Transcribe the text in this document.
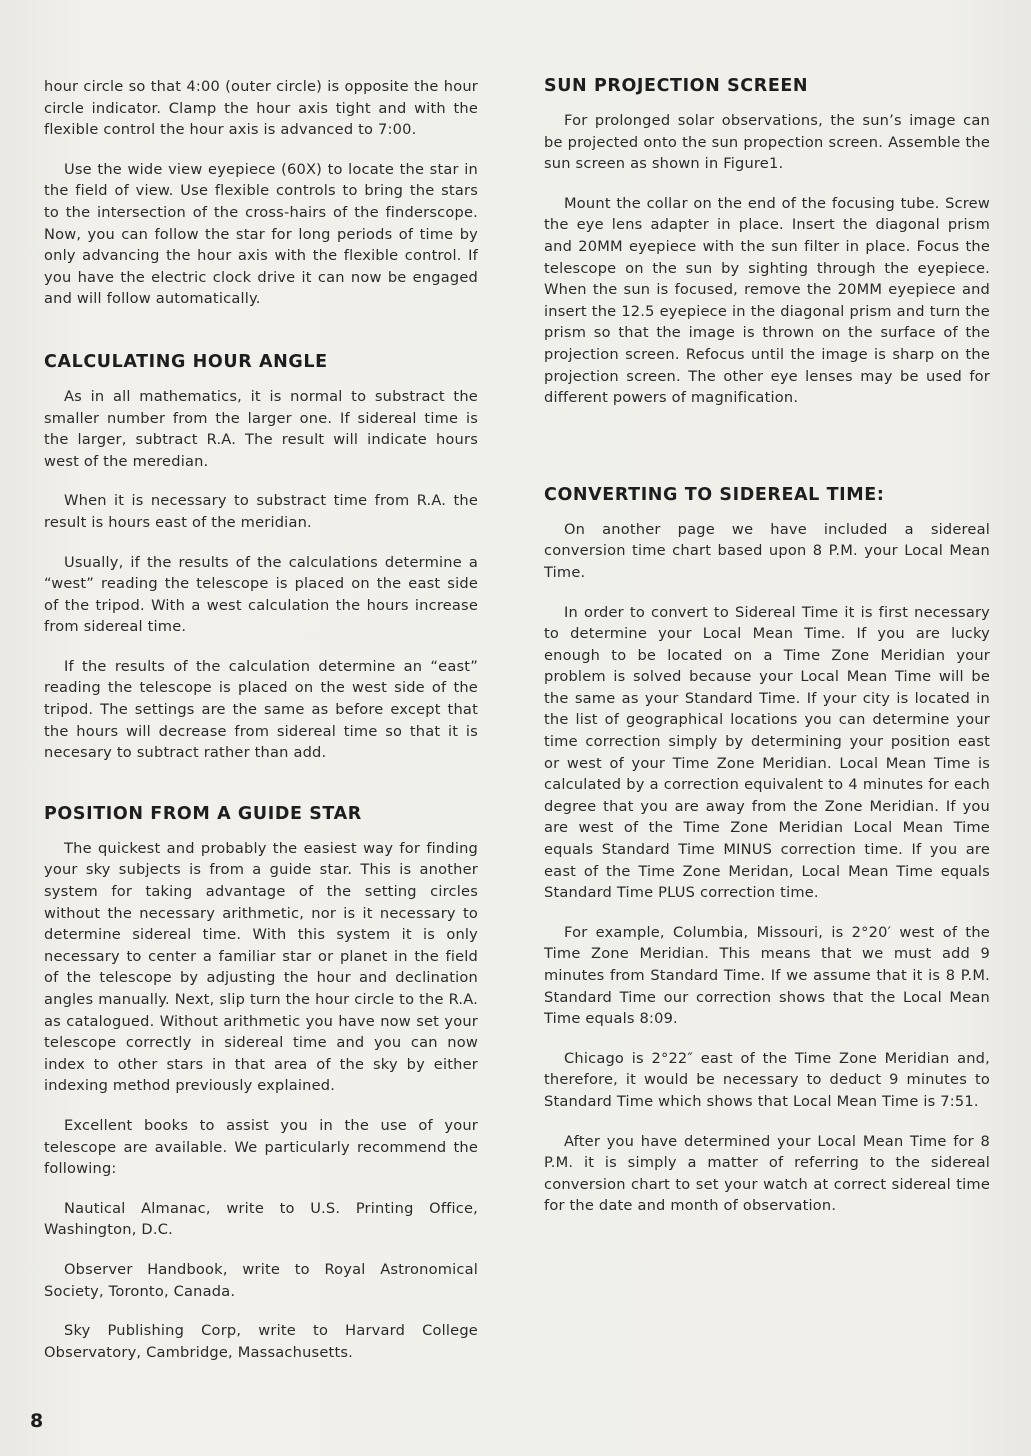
hour circle so that 4:00 (outer circle) is opposite the hour circle indicator. Clamp the hour axis tight and with the flexible control the hour axis is advanced to 7:00.

Use the wide view eyepiece (60X) to locate the star in the field of view. Use flexible controls to bring the stars to the intersection of the cross-hairs of the finderscope. Now, you can follow the star for long periods of time by only advancing the hour axis with the flexible control. If you have the electric clock drive it can now be engaged and will follow automatically.

CALCULATING HOUR ANGLE

As in all mathematics, it is normal to substract the smaller number from the larger one. If sidereal time is the larger, subtract R.A. The result will indicate hours west of the meredian.

When it is necessary to substract time from R.A. the result is hours east of the meridian.

Usually, if the results of the calculations determine a “west” reading the telescope is placed on the east side of the tripod. With a west calculation the hours increase from sidereal time.

If the results of the calculation determine an “east” reading the telescope is placed on the west side of the tripod. The settings are the same as before except that the hours will decrease from sidereal time so that it is necesary to subtract rather than add.

POSITION FROM A GUIDE STAR

The quickest and probably the easiest way for finding your sky subjects is from a guide star. This is another system for taking advantage of the setting circles without the necessary arithmetic, nor is it necessary to determine sidereal time. With this system it is only necessary to center a familiar star or planet in the field of the telescope by adjusting the hour and declination angles manually. Next, slip turn the hour circle to the R.A. as catalogued. Without arithmetic you have now set your telescope correctly in sidereal time and you can now index to other stars in that area of the sky by either indexing method previously explained.

Excellent books to assist you in the use of your telescope are available. We particularly recommend the following:

Nautical Almanac, write to U.S. Printing Office, Washington, D.C.

Observer Handbook, write to Royal Astronomical Society, Toronto, Canada.

Sky Publishing Corp, write to Harvard College Observatory, Cambridge, Massachusetts.

SUN PROJECTION SCREEN

For prolonged solar observations, the sun’s image can be projected onto the sun propection screen. Assemble the sun screen as shown in Figure1.

Mount the collar on the end of the focusing tube. Screw the eye lens adapter in place. Insert the diagonal prism and 20MM eyepiece with the sun filter in place. Focus the telescope on the sun by sighting through the eyepiece. When the sun is focused, remove the 20MM eyepiece and insert the 12.5 eyepiece in the diagonal prism and turn the prism so that the image is thrown on the surface of the projection screen. Refocus until the image is sharp on the projection screen. The other eye lenses may be used for different powers of magnification.

CONVERTING TO SIDEREAL TIME:

On another page we have included a sidereal conversion time chart based upon 8 P.M. your Local Mean Time.

In order to convert to Sidereal Time it is first necessary to determine your Local Mean Time. If you are lucky enough to be located on a Time Zone Meridian your problem is solved because your Local Mean Time will be the same as your Standard Time. If your city is located in the list of geographical locations you can determine your time correction simply by determining your position east or west of your Time Zone Meridian. Local Mean Time is calculated by a correction equivalent to 4 minutes for each degree that you are away from the Zone Meridian. If you are west of the Time Zone Meridian Local Mean Time equals Standard Time MINUS correction time. If you are east of the Time Zone Meridan, Local Mean Time equals Standard Time PLUS correction time.

For example, Columbia, Missouri, is 2°20′ west of the Time Zone Meridian. This means that we must add 9 minutes from Standard Time. If we assume that it is 8 P.M. Standard Time our correction shows that the Local Mean Time equals 8:09.

Chicago is 2°22″ east of the Time Zone Meridian and, therefore, it would be necessary to deduct 9 minutes to Standard Time which shows that Local Mean Time is 7:51.

After you have determined your Local Mean Time for 8 P.M. it is simply a matter of referring to the sidereal conversion chart to set your watch at correct sidereal time for the date and month of observation.

8
